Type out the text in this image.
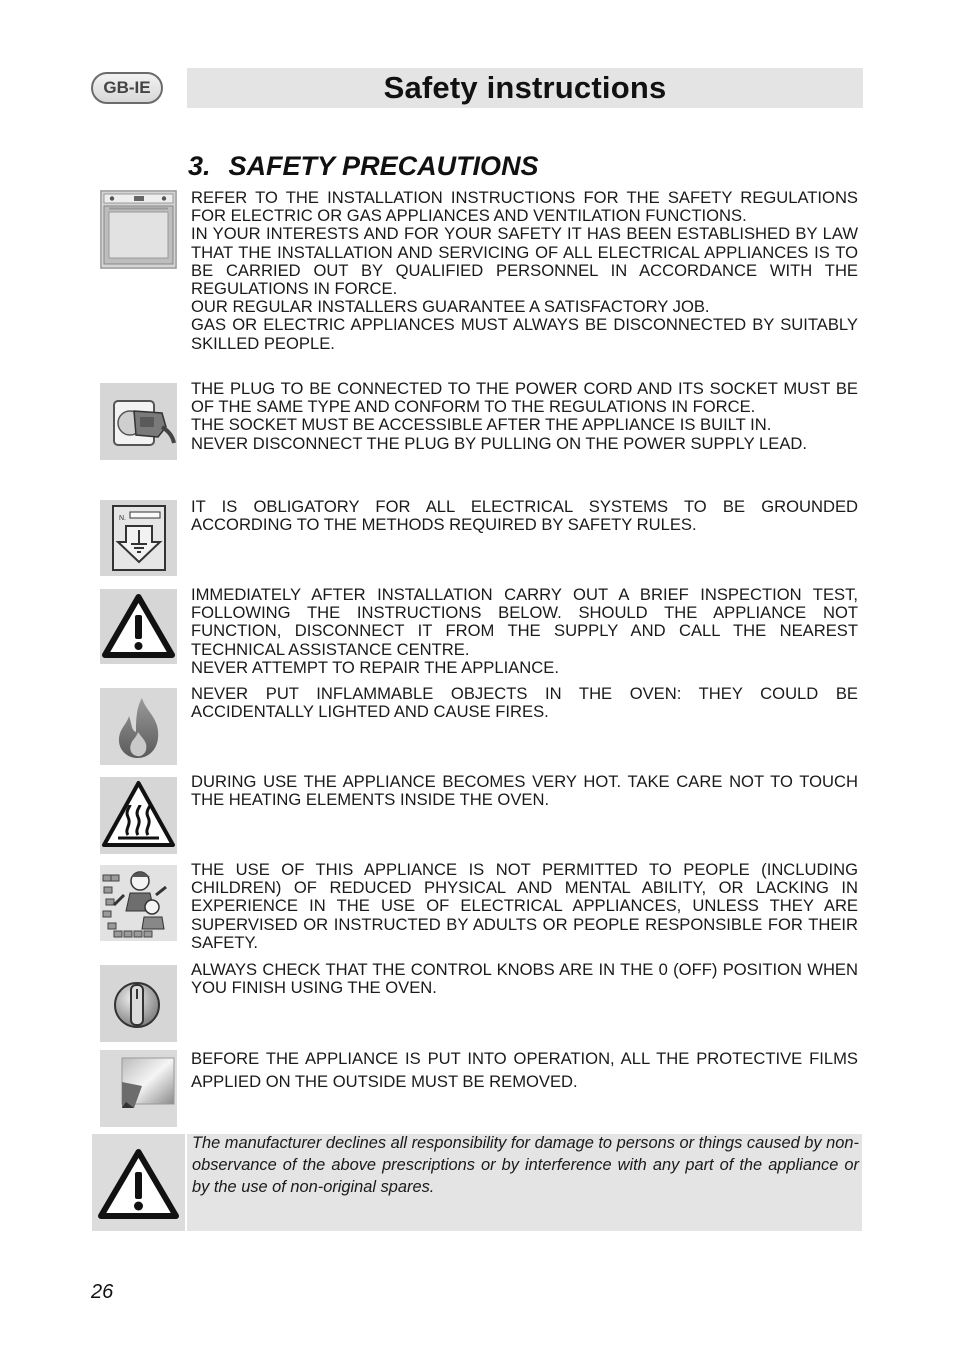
GB-IE	Safety instructions
3. SAFETY PRECAUTIONS
REFER TO THE INSTALLATION INSTRUCTIONS FOR THE SAFETY REGULATIONS FOR ELECTRIC OR GAS APPLIANCES AND VENTILATION FUNCTIONS.
IN YOUR INTERESTS AND FOR YOUR SAFETY IT HAS BEEN ESTABLISHED BY LAW THAT THE INSTALLATION AND SERVICING OF ALL ELECTRICAL APPLIANCES IS TO BE CARRIED OUT BY QUALIFIED PERSONNEL IN ACCORDANCE WITH THE REGULATIONS IN FORCE.
OUR REGULAR INSTALLERS GUARANTEE A SATISFACTORY JOB.
GAS OR ELECTRIC APPLIANCES MUST ALWAYS BE DISCONNECTED BY SUITABLY SKILLED PEOPLE.
THE PLUG TO BE CONNECTED TO THE POWER CORD AND ITS SOCKET MUST BE OF THE SAME TYPE AND CONFORM TO THE REGULATIONS IN FORCE.
THE SOCKET MUST BE ACCESSIBLE AFTER THE APPLIANCE IS BUILT IN.
NEVER DISCONNECT THE PLUG BY PULLING ON THE POWER SUPPLY LEAD.
N.
IT IS OBLIGATORY FOR ALL ELECTRICAL SYSTEMS TO BE GROUNDED ACCORDING TO THE METHODS REQUIRED BY SAFETY RULES.
IMMEDIATELY AFTER INSTALLATION CARRY OUT A BRIEF INSPECTION TEST, FOLLOWING THE INSTRUCTIONS BELOW. SHOULD THE APPLIANCE NOT FUNCTION, DISCONNECT IT FROM THE SUPPLY AND CALL THE NEAREST TECHNICAL ASSISTANCE CENTRE.
NEVER ATTEMPT TO REPAIR THE APPLIANCE.
NEVER PUT INFLAMMABLE OBJECTS IN THE OVEN: THEY COULD BE ACCIDENTALLY LIGHTED AND CAUSE FIRES.
DURING USE THE APPLIANCE BECOMES VERY HOT. TAKE CARE NOT TO TOUCH THE HEATING ELEMENTS INSIDE THE OVEN.
THE USE OF THIS APPLIANCE IS NOT PERMITTED TO PEOPLE (INCLUDING CHILDREN) OF REDUCED PHYSICAL AND MENTAL ABILITY, OR LACKING IN EXPERIENCE IN THE USE OF ELECTRICAL APPLIANCES, UNLESS THEY ARE SUPERVISED OR INSTRUCTED BY ADULTS OR PEOPLE RESPONSIBLE FOR THEIR SAFETY.
ALWAYS CHECK THAT THE CONTROL KNOBS ARE IN THE 0 (OFF) POSITION WHEN YOU FINISH USING THE OVEN.
BEFORE THE APPLIANCE IS PUT INTO OPERATION, ALL THE PROTECTIVE FILMS APPLIED ON THE OUTSIDE MUST BE REMOVED.
The manufacturer declines all responsibility for damage to persons or things caused by non-observance of the above prescriptions or by interference with any part of the appliance or by the use of non-original spares.
26
